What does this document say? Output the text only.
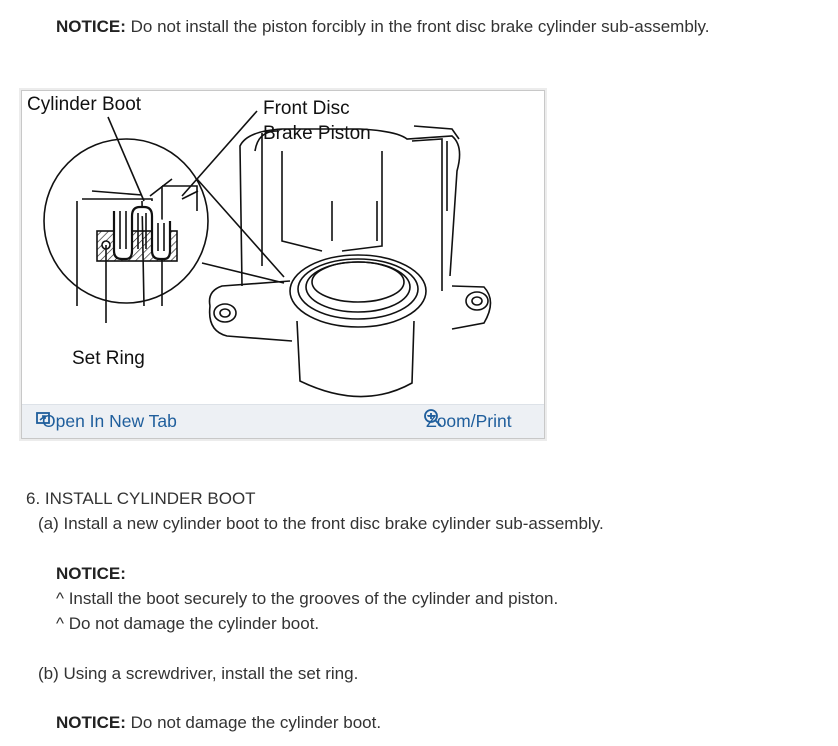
NOTICE: Do not install the piston forcibly in the front disc brake cylinder sub-assembly.
Cylinder Boot	Front Disc
Brake Piston
Set Ring
Open In New Tab	Zoom/Print
6. INSTALL CYLINDER BOOT
(a) Install a new cylinder boot to the front disc brake cylinder sub-assembly.
NOTICE:
^ Install the boot securely to the grooves of the cylinder and piston.
^ Do not damage the cylinder boot.
(b) Using a screwdriver, install the set ring.
NOTICE: Do not damage the cylinder boot.
